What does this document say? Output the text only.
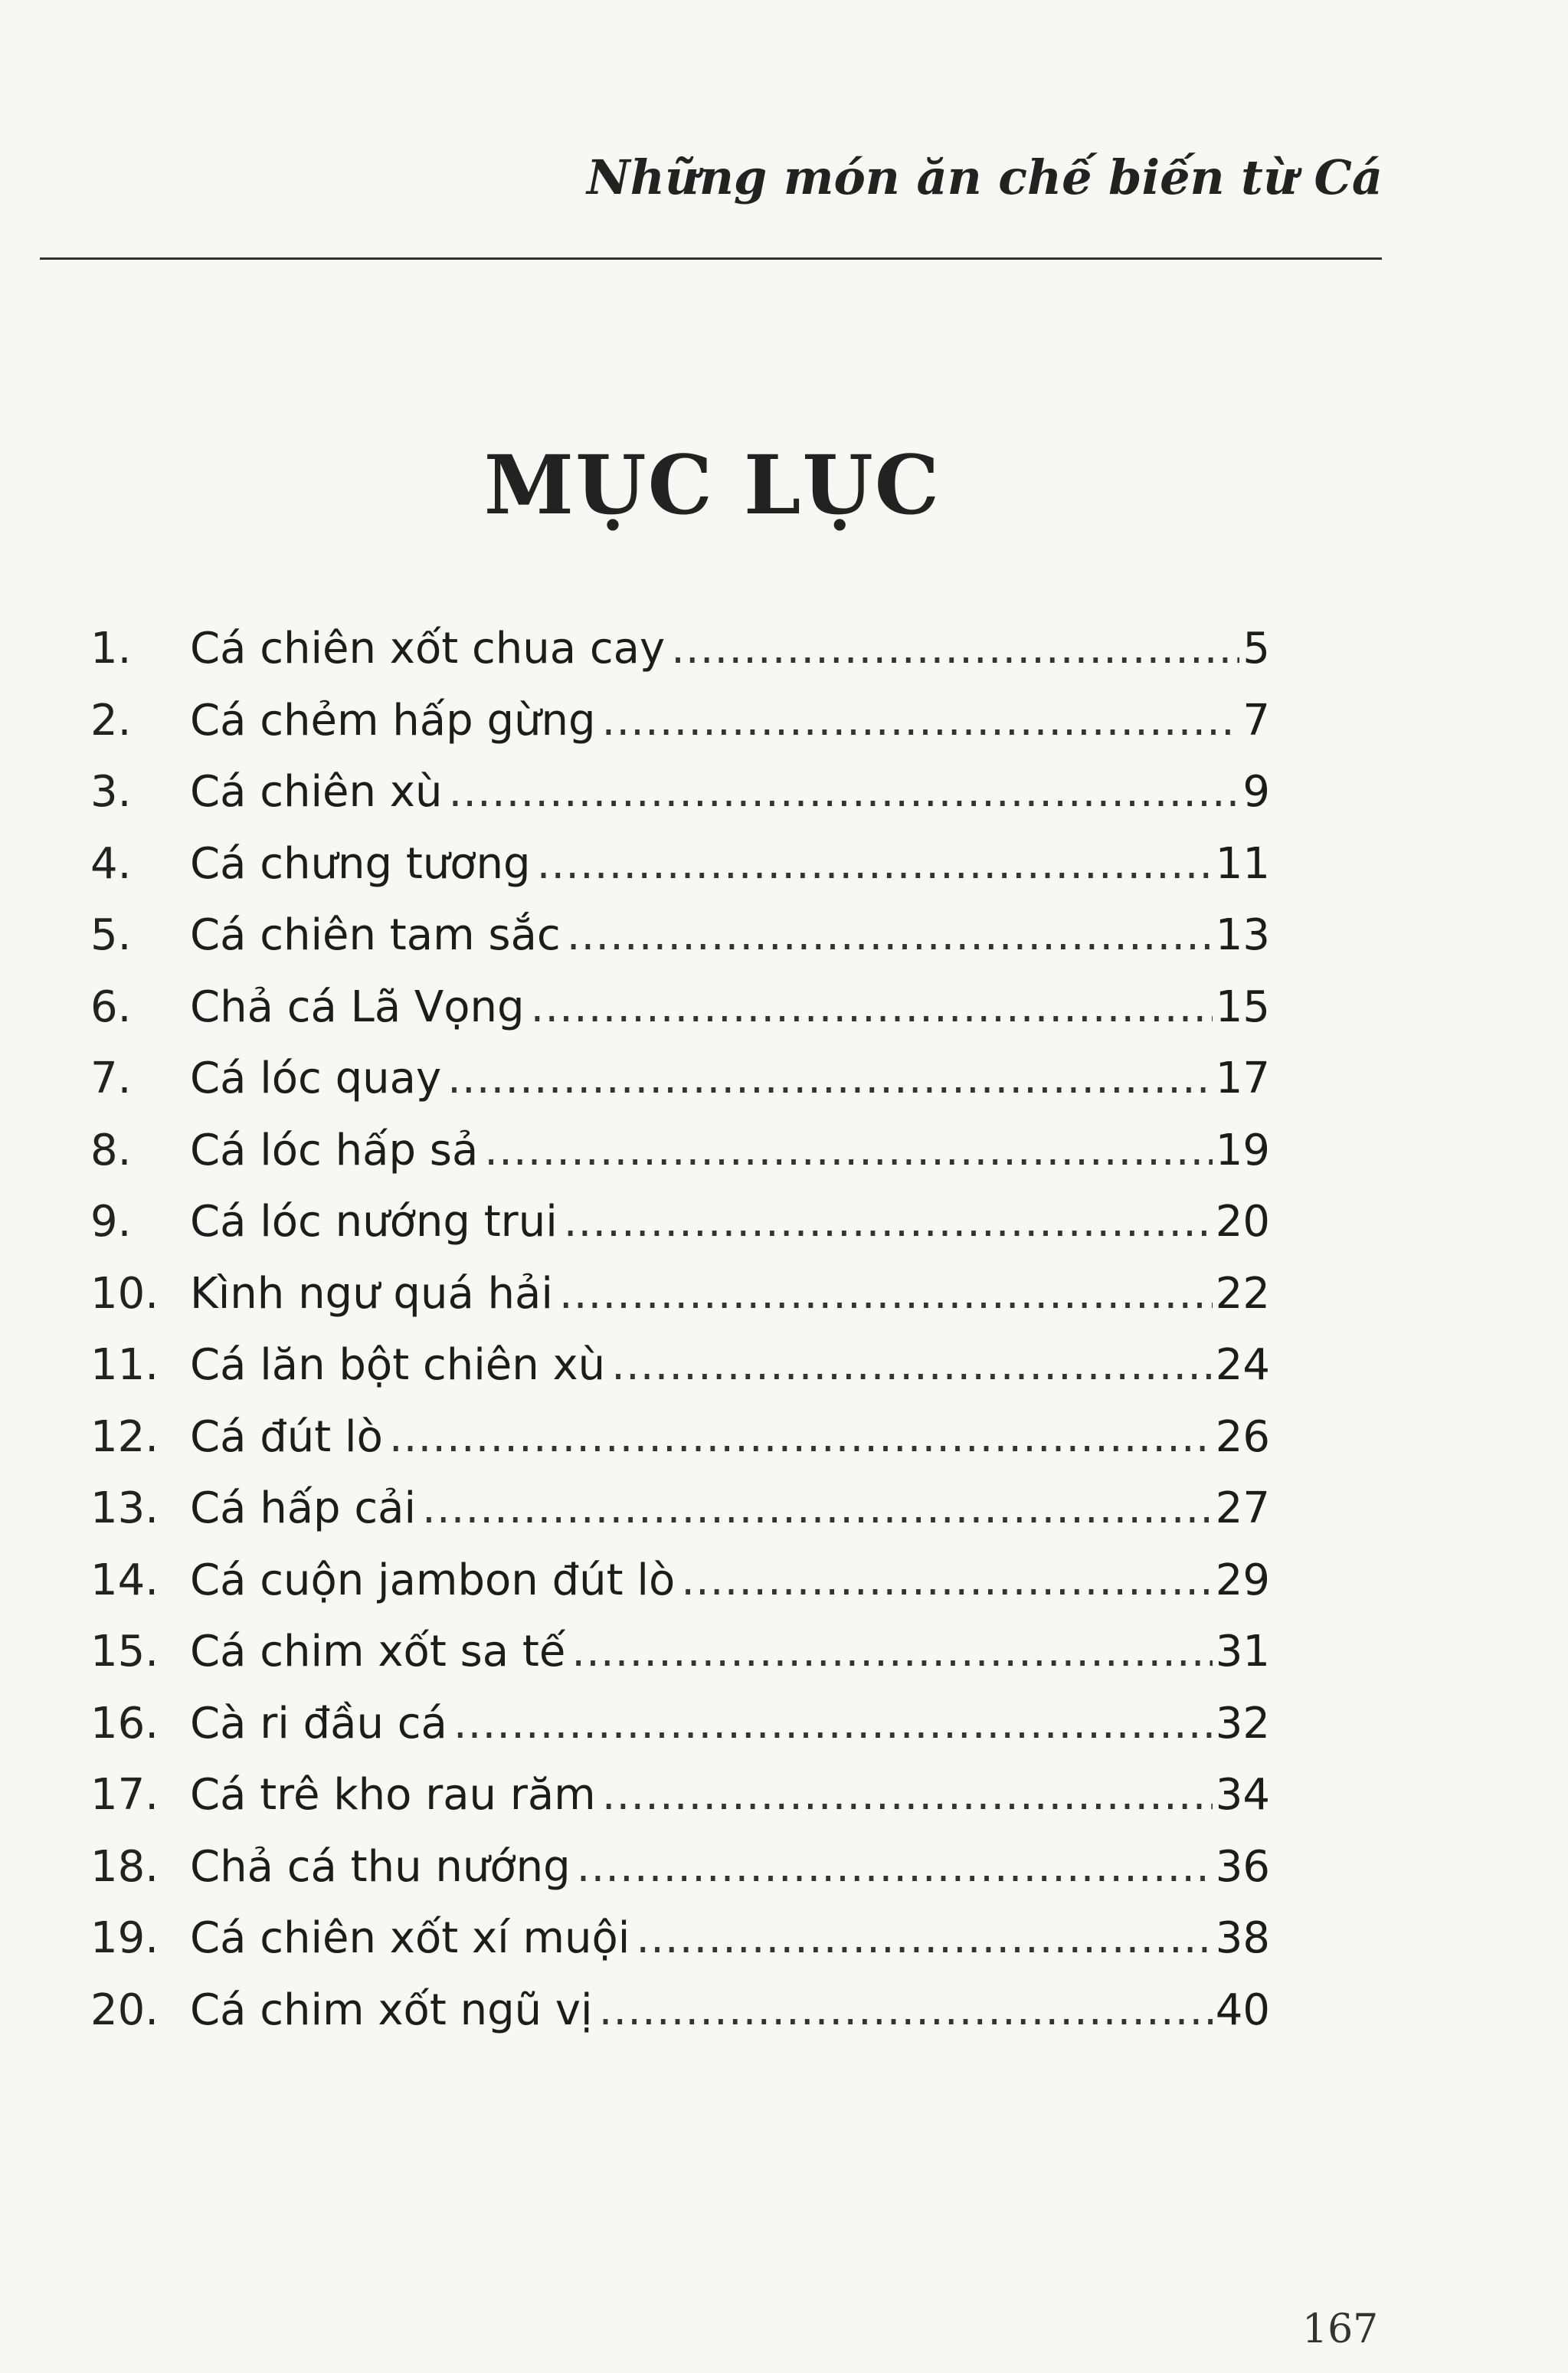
Những món ăn chế biến từ Cá
MỤC LỤC
1.	Cá chiên xốt chua cay .....	5
2.	Cá chẻm hấp gừng .....	7
3.	Cá chiên xù .....	9
4.	Cá chưng tương .....	11
5.	Cá chiên tam sắc .....	13
6.	Chả cá Lã Vọng .....	15
7.	Cá lóc quay .....	17
8.	Cá lóc hấp sả .....	19
9.	Cá lóc nướng trui .....	20
10. Kình ngư quá hải .....	22
11. Cá lăn bột chiên xù .....	24
12. Cá đút lò .....	26
13. Cá hấp cải .....	27
14. Cá cuộn jambon đút lò .....	29
15. Cá chim xốt sa tế .....	31
16. Cà ri đầu cá .....	32
17. Cá trê kho rau răm .....	34
18. Chả cá thu nướng .....	36
19. Cá chiên xốt xí muội .....	38
20. Cá chim xốt ngũ vị .....	40
167
